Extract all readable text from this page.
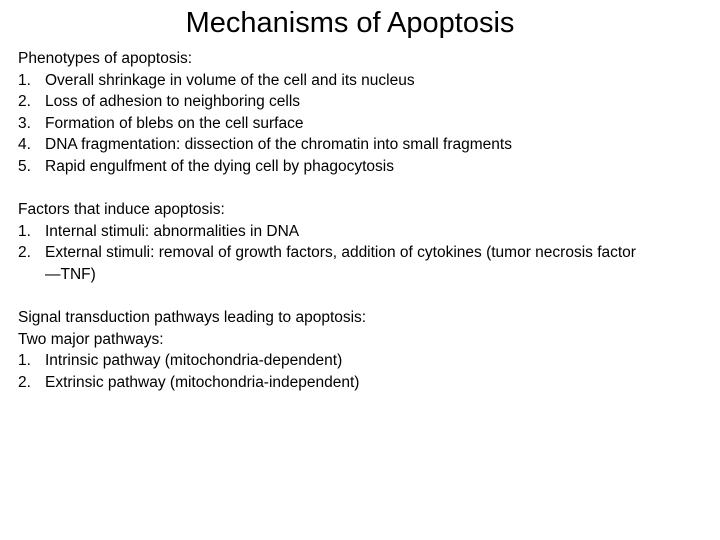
Mechanisms of Apoptosis
Phenotypes of apoptosis:
1. Overall shrinkage in volume of the cell and its nucleus
2. Loss of adhesion to neighboring cells
3. Formation of blebs on the cell surface
4. DNA fragmentation: dissection of the chromatin into small fragments
5. Rapid engulfment of the dying cell by phagocytosis
Factors that induce apoptosis:
1. Internal stimuli: abnormalities in DNA
2. External stimuli: removal of growth factors, addition of cytokines (tumor necrosis factor—TNF)
Signal transduction pathways leading to apoptosis:
Two major pathways:
1. Intrinsic pathway (mitochondria-dependent)
2. Extrinsic pathway (mitochondria-independent)
